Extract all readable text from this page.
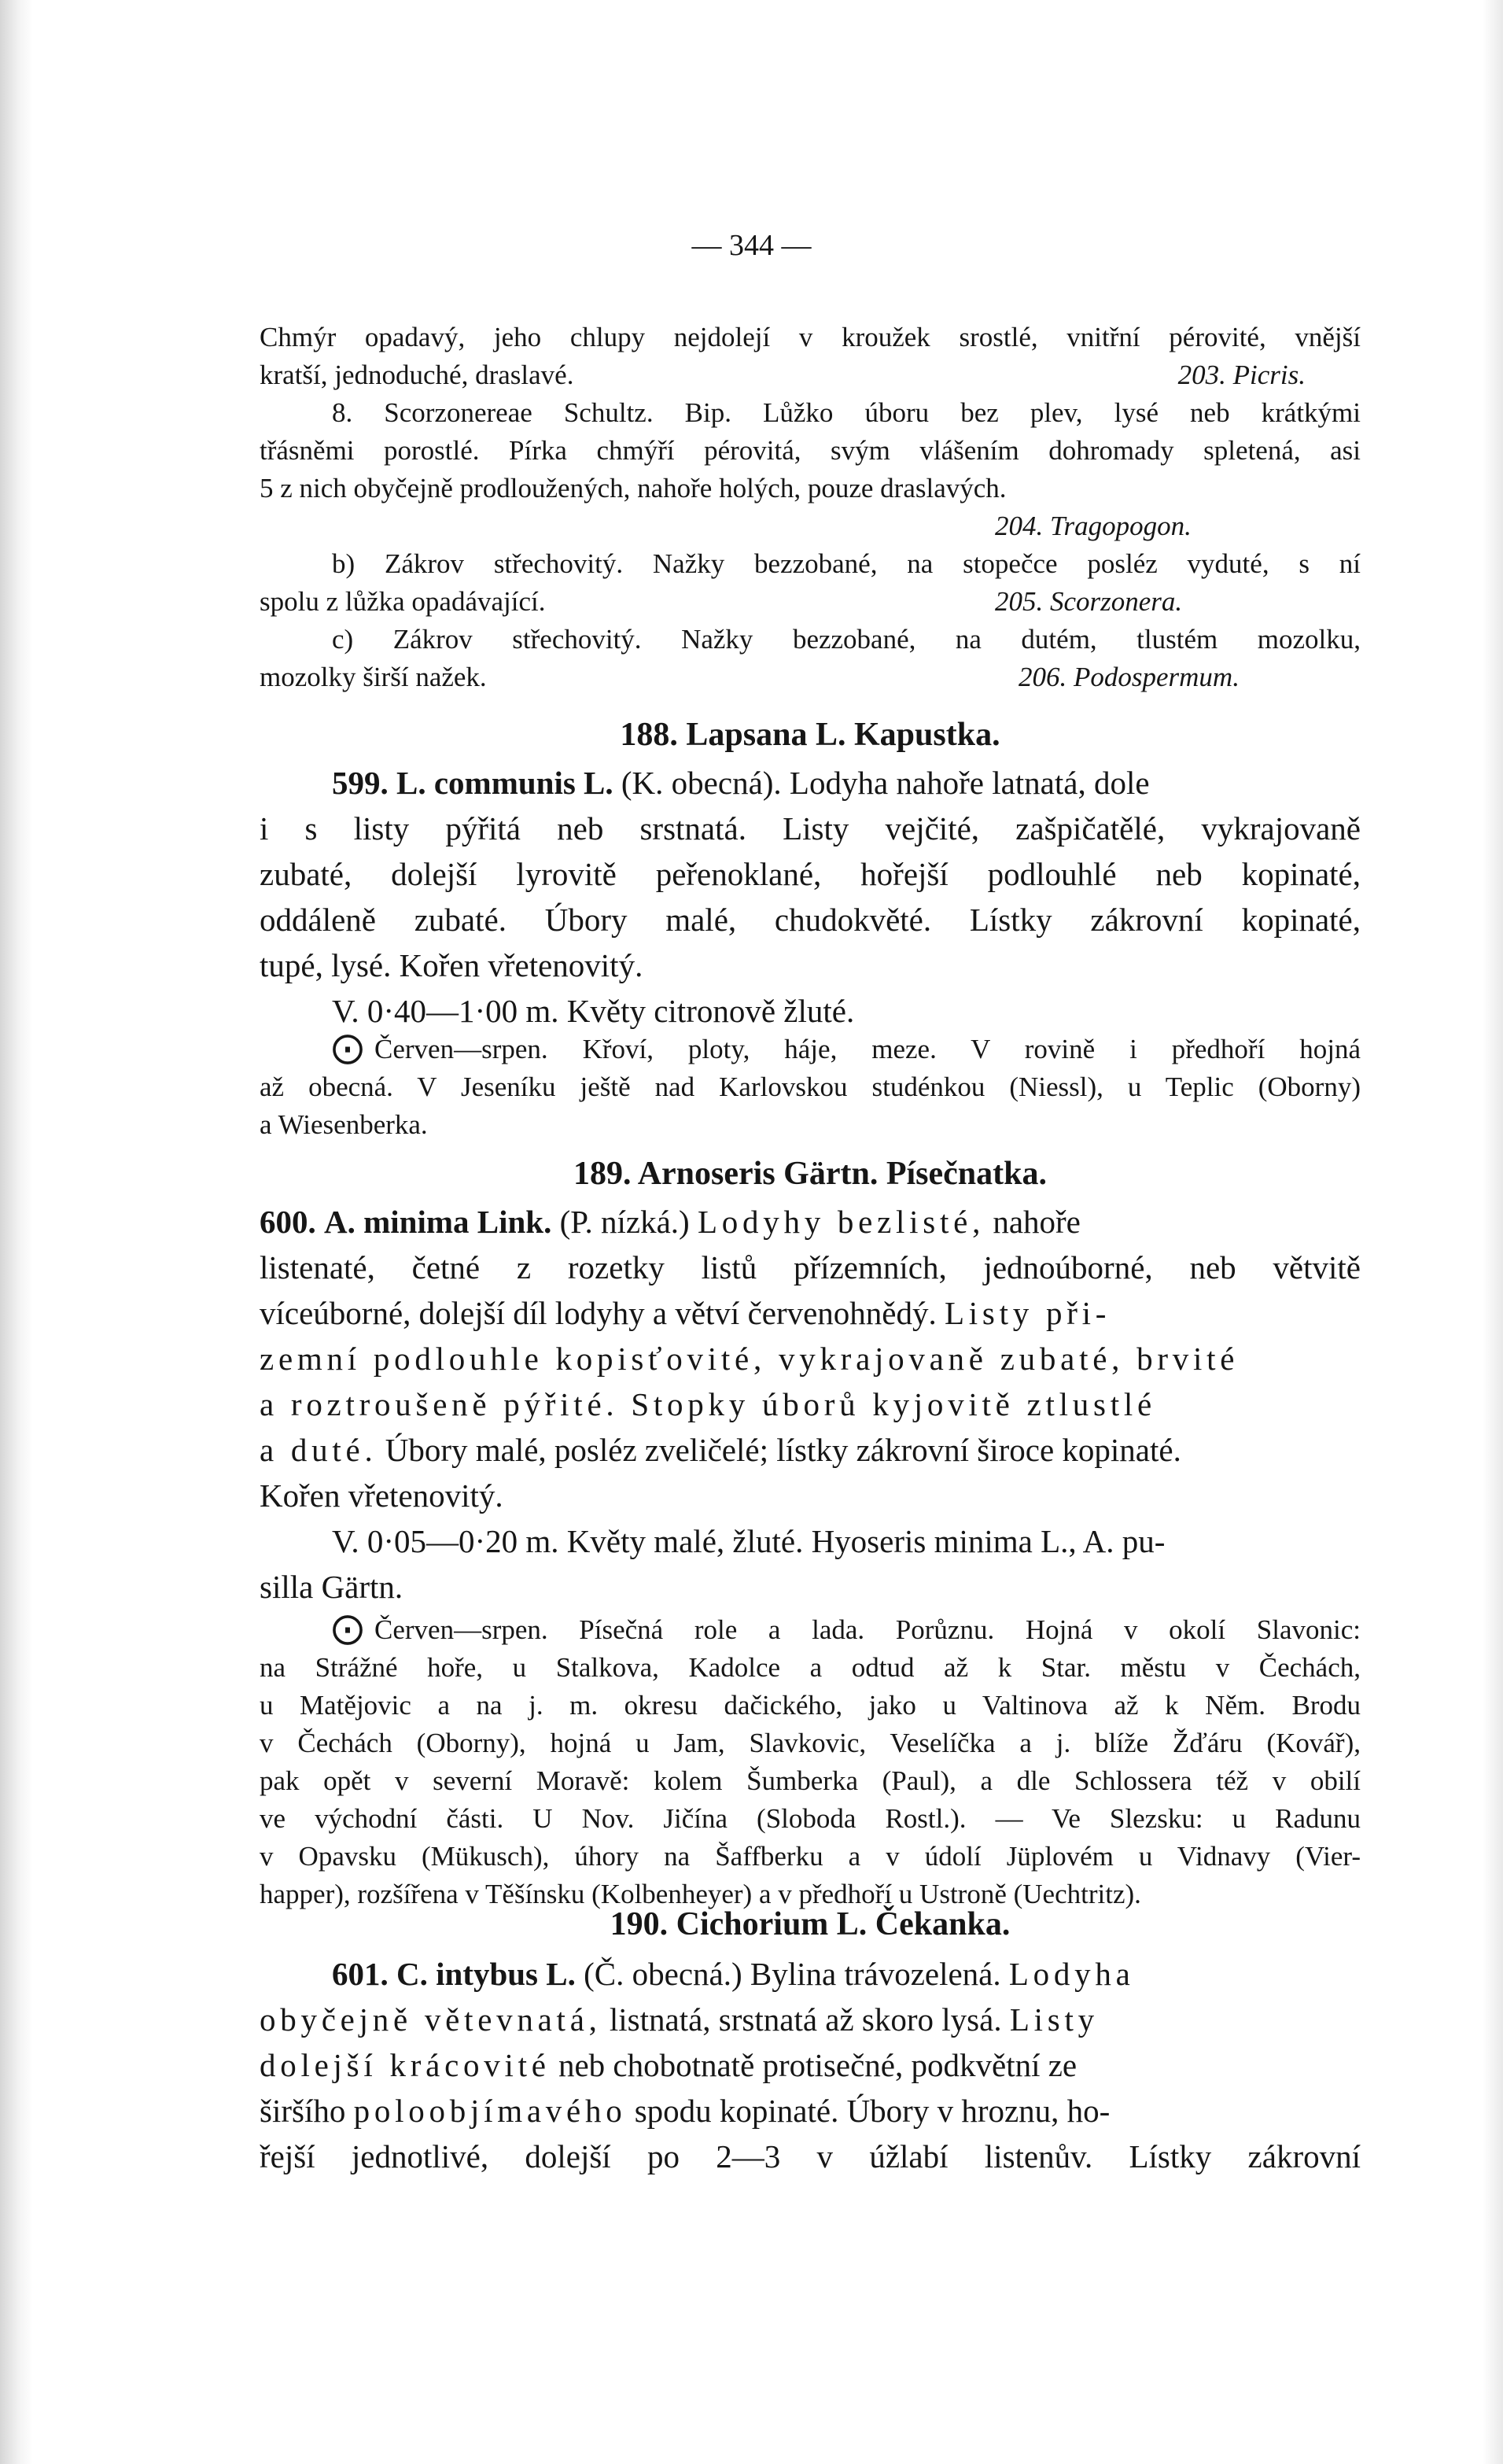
— 344 —
Chmýr opadavý, jeho chlupy nejdolejí v kroužek srostlé, vnitřní pérovité, vnější
kratší, jednoduché, draslavé.	203. Picris.
8. Scorzonereae Schultz. Bip. Lůžko úboru bez plev, lysé neb krátkými
třásněmi porostlé. Pírka chmýří pérovitá, svým vlášením dohromady spletená, asi
5 z nich obyčejně prodloužených, nahoře holých, pouze draslavých.
204. Tragopogon.
b) Zákrov střechovitý. Nažky bezzobané, na stopečce posléz vyduté, s ní
spolu z lůžka opadávající.	205. Scorzonera.
c) Zákrov střechovitý. Nažky bezzobané, na dutém, tlustém mozolku,
mozolky širší nažek.	206. Podospermum.
188. Lapsana L. Kapustka.
599. L. communis L. (K. obecná). Lodyha nahoře latnatá, dole
i s listy pýřitá neb srstnatá. Listy vejčité, zašpičatělé, vykrajovaně
zubaté, dolejší lyrovitě peřenoklané, hořejší podlouhlé neb kopinaté,
oddáleně zubaté. Úbory malé, chudokvěté. Lístky zákrovní kopinaté,
tupé, lysé. Kořen vřetenovitý.
V. 0·40—1·00 m. Květy citronově žluté.
⨀ Červen—srpen. Křoví, ploty, háje, meze. V rovině i předhoří hojná
až obecná. V Jeseníku ještě nad Karlovskou studénkou (Niessl), u Teplic (Oborny)
a Wiesenberka.
189. Arnoseris Gärtn. Písečnatka.
600. A. minima Link. (P. nízká.) Lodyhy bezlisté, nahoře
listenaté, četné z rozetky listů přízemních, jednoúborné, neb větvitě
víceúborné, dolejší díl lodyhy a větví červenohnědý. Listy při-
zemní podlouhle kopisťovité, vykrajovaně zubaté, brvité
a roztroušeně pýřité. Stopky úborů kyjovitě ztlustlé
a duté. Úbory malé, posléz zveličelé; lístky zákrovní široce kopinaté.
Kořen vřetenovitý.
V. 0·05—0·20 m. Květy malé, žluté. Hyoseris minima L., A. pu-
silla Gärtn.
⨀ Červen—srpen. Písečná role a lada. Porůznu. Hojná v okolí Slavonic:
na Strážné hoře, u Stalkova, Kadolce a odtud až k Star. městu v Čechách,
u Matějovic a na j. m. okresu dačického, jako u Valtinova až k Něm. Brodu
v Čechách (Oborny), hojná u Jam, Slavkovic, Veselíčka a j. blíže Žďáru (Kovář),
pak opět v severní Moravě: kolem Šumberka (Paul), a dle Schlossera též v obilí
ve východní části. U Nov. Jičína (Sloboda Rostl.). — Ve Slezsku: u Radunu
v Opavsku (Mükusch), úhory na Šaffberku a v údolí Jüplovém u Vidnavy (Vier-
happer), rozšířena v Těšínsku (Kolbenheyer) a v předhoří u Ustroně (Uechtritz).
190. Cichorium L. Čekanka.
601. C. intybus L. (Č. obecná.) Bylina trávozelená. Lodyha
obyčejně větevnatá, listnatá, srstnatá až skoro lysá. Listy
dolejší krácovité neb chobotnatě protisečné, podkvětní ze
širšího poloobjímavého spodu kopinaté. Úbory v hroznu, ho-
řejší jednotlivé, dolejší po 2—3 v úžlabí listenův. Lístky zákrovní
